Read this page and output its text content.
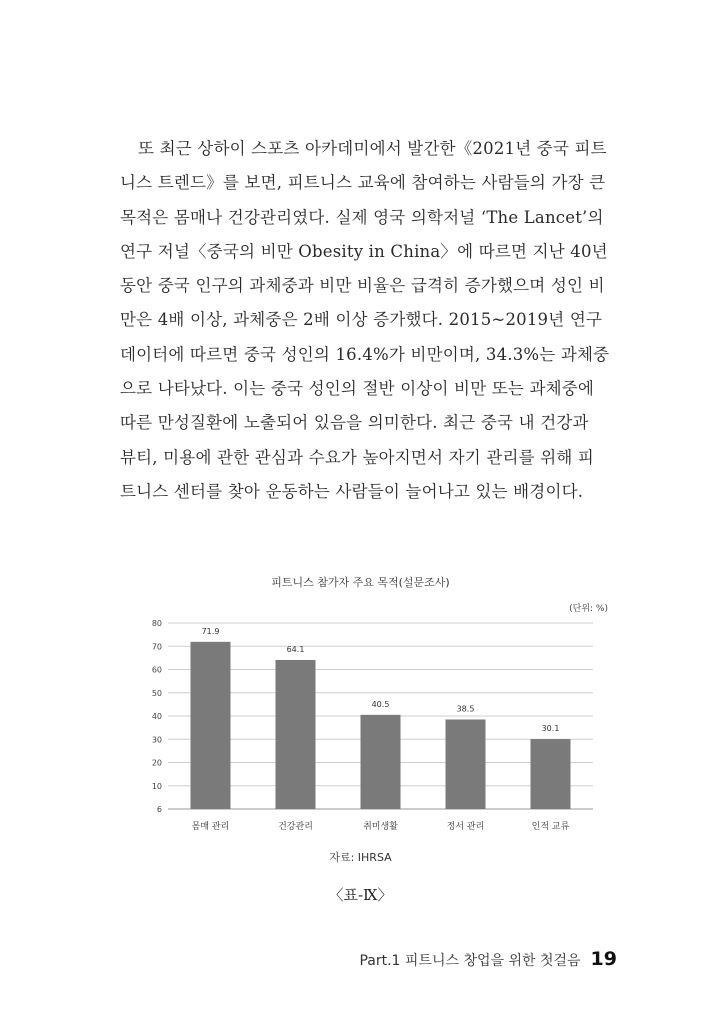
또 최근 상하이 스포츠 아카데미에서 발간한《2021년 중국 피트
니스 트렌드》를 보면, 피트니스 교육에 참여하는 사람들의 가장 큰
목적은 몸매나 건강관리였다. 실제 영국 의학저널 ‘The Lancet’의
연구 저널〈중국의 비만 Obesity in China〉에 따르면 지난 40년
동안 중국 인구의 과체중과 비만 비율은 급격히 증가했으며 성인 비
만은 4배 이상, 과체중은 2배 이상 증가했다. 2015~2019년 연구
데이터에 따르면 중국 성인의 16.4%가 비만이며, 34.3%는 과체중
으로 나타났다. 이는 중국 성인의 절반 이상이 비만 또는 과체중에
따른 만성질환에 노출되어 있음을 의미한다. 최근 중국 내 건강과
뷰티, 미용에 관한 관심과 수요가 높아지면서 자기 관리를 위해 피
트니스 센터를 찾아 운동하는 사람들이 늘어나고 있는 배경이다.
피트니스 참가자 주요 목적(설문조사)
(단위: %)
6
10
20
30
40
50
60
70
80
71.9
몸매 관리
64.1
건강관리
40.5
취미생활
38.5
정서 관리
30.1
인적 교류
자료: IHRSA
〈표-Ⅸ〉
Part.1 피트니스 창업을 위한 첫걸음 19
